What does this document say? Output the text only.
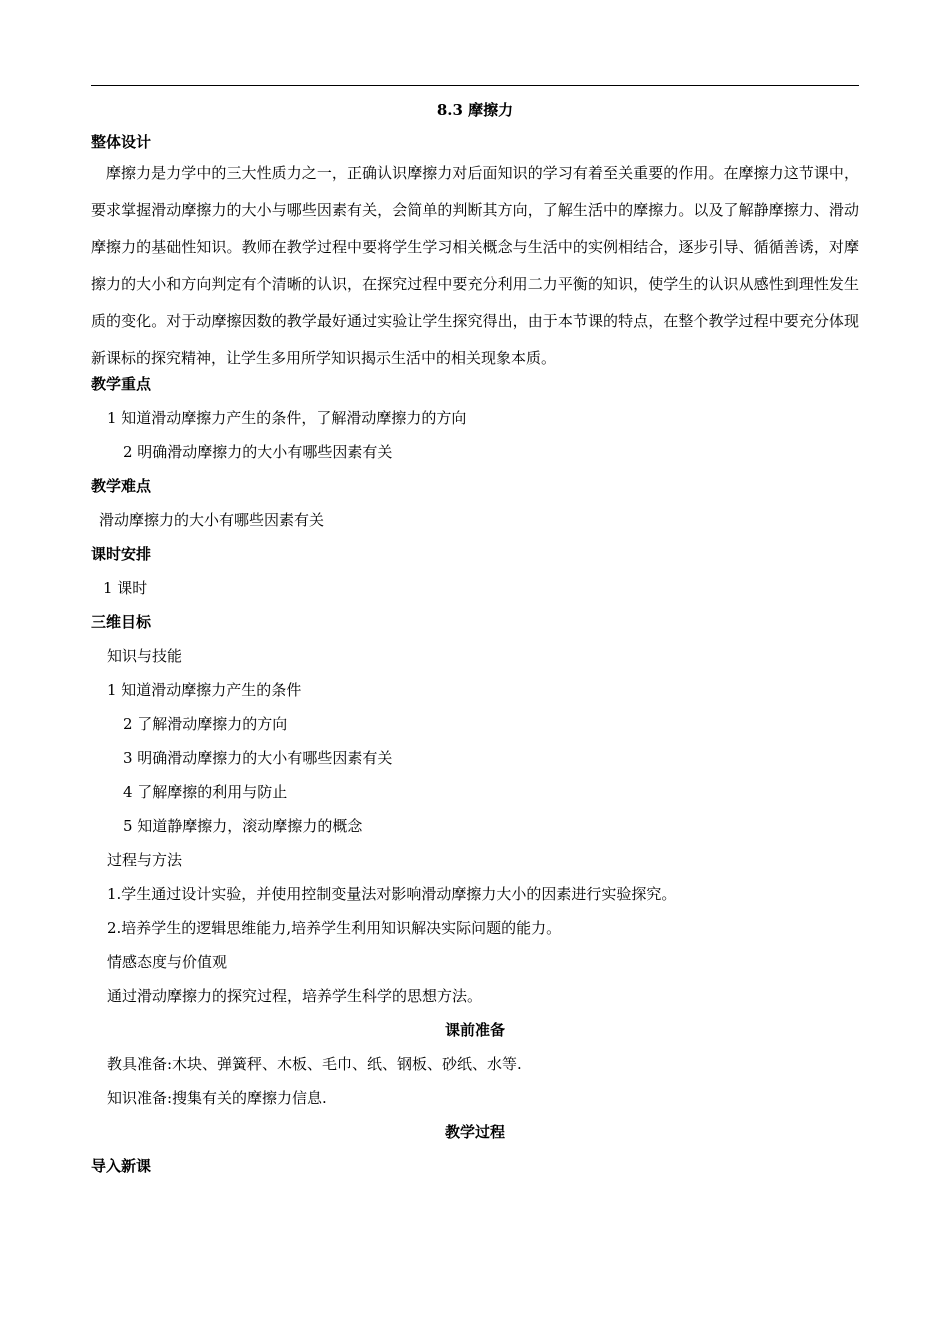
8.3 摩擦力
整体设计
摩擦力是力学中的三大性质力之一，正确认识摩擦力对后面知识的学习有着至关重要的作用。在摩擦力这节课中，要求掌握滑动摩擦力的大小与哪些因素有关，会简单的判断其方向，了解生活中的摩擦力。以及了解静摩擦力、滑动摩擦力的基础性知识。教师在教学过程中要将学生学习相关概念与生活中的实例相结合，逐步引导、循循善诱，对摩擦力的大小和方向判定有个清晰的认识，在探究过程中要充分利用二力平衡的知识，使学生的认识从感性到理性发生质的变化。对于动摩擦因数的教学最好通过实验让学生探究得出，由于本节课的特点，在整个教学过程中要充分体现新课标的探究精神，让学生多用所学知识揭示生活中的相关现象本质。
教学重点
1 知道滑动摩擦力产生的条件，了解滑动摩擦力的方向
2 明确滑动摩擦力的大小有哪些因素有关
教学难点
滑动摩擦力的大小有哪些因素有关
课时安排
1 课时
三维目标
知识与技能
1 知道滑动摩擦力产生的条件
2 了解滑动摩擦力的方向
3 明确滑动摩擦力的大小有哪些因素有关
4 了解摩擦的利用与防止
5 知道静摩擦力，滚动摩擦力的概念
过程与方法
1.学生通过设计实验，并使用控制变量法对影响滑动摩擦力大小的因素进行实验探究。
2.培养学生的逻辑思维能力,培养学生利用知识解决实际问题的能力。
情感态度与价值观
通过滑动摩擦力的探究过程，培养学生科学的思想方法。
课前准备
教具准备:木块、弹簧秤、木板、毛巾、纸、钢板、砂纸、水等.
知识准备:搜集有关的摩擦力信息.
教学过程
导入新课
